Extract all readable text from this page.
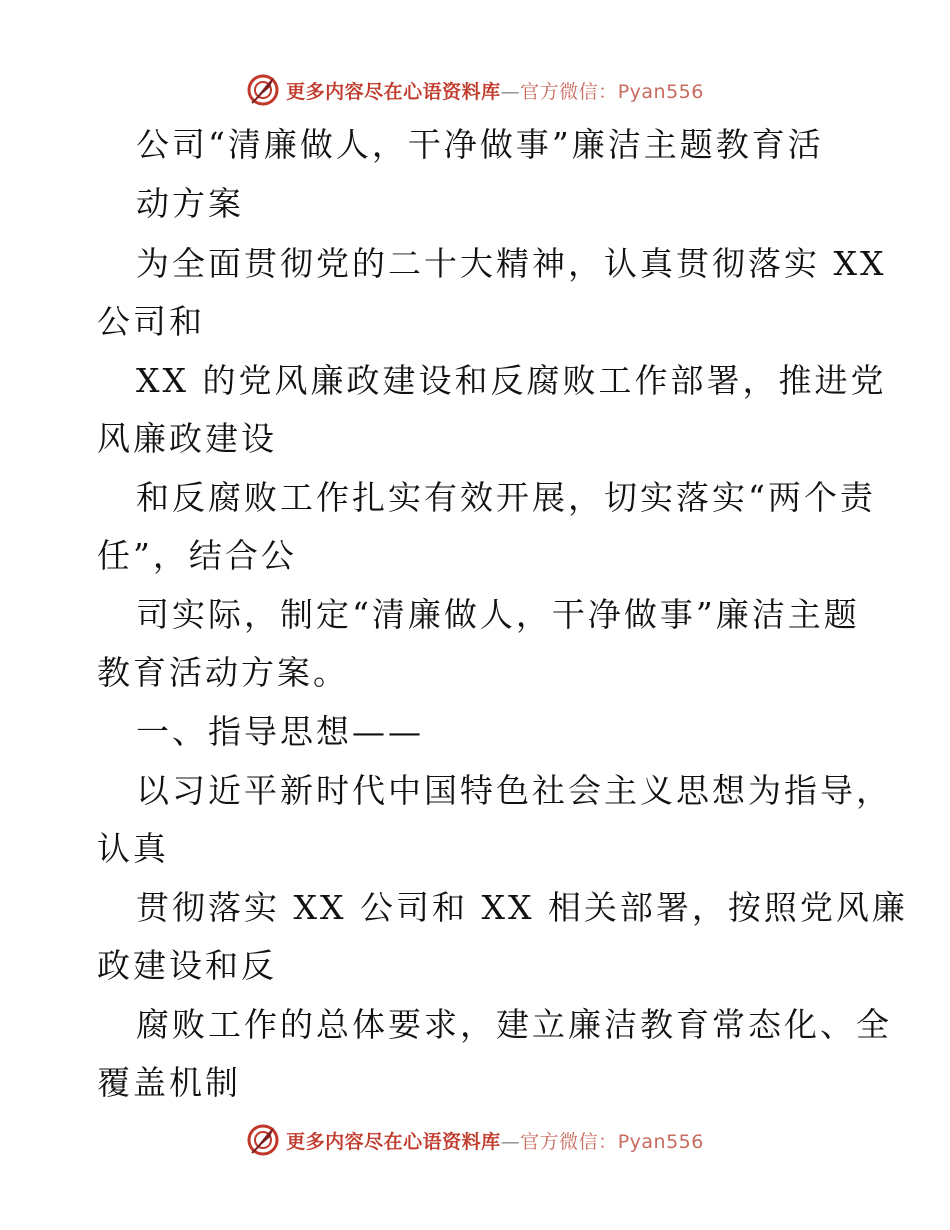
更多内容尽在心语资料库—官方微信：Pyan556
公司“清廉做人，干净做事”廉洁主题教育活
动方案
为全面贯彻党的二十大精神，认真贯彻落实 XX
公司和
XX 的党风廉政建设和反腐败工作部署，推进党
风廉政建设
和反腐败工作扎实有效开展，切实落实“两个责
任”，结合公
司实际，制定“清廉做人，干净做事”廉洁主题
教育活动方案。
一、指导思想——
以习近平新时代中国特色社会主义思想为指导，
认真
贯彻落实 XX 公司和 XX 相关部署，按照党风廉
政建设和反
腐败工作的总体要求，建立廉洁教育常态化、全
覆盖机制
更多内容尽在心语资料库—官方微信：Pyan556
